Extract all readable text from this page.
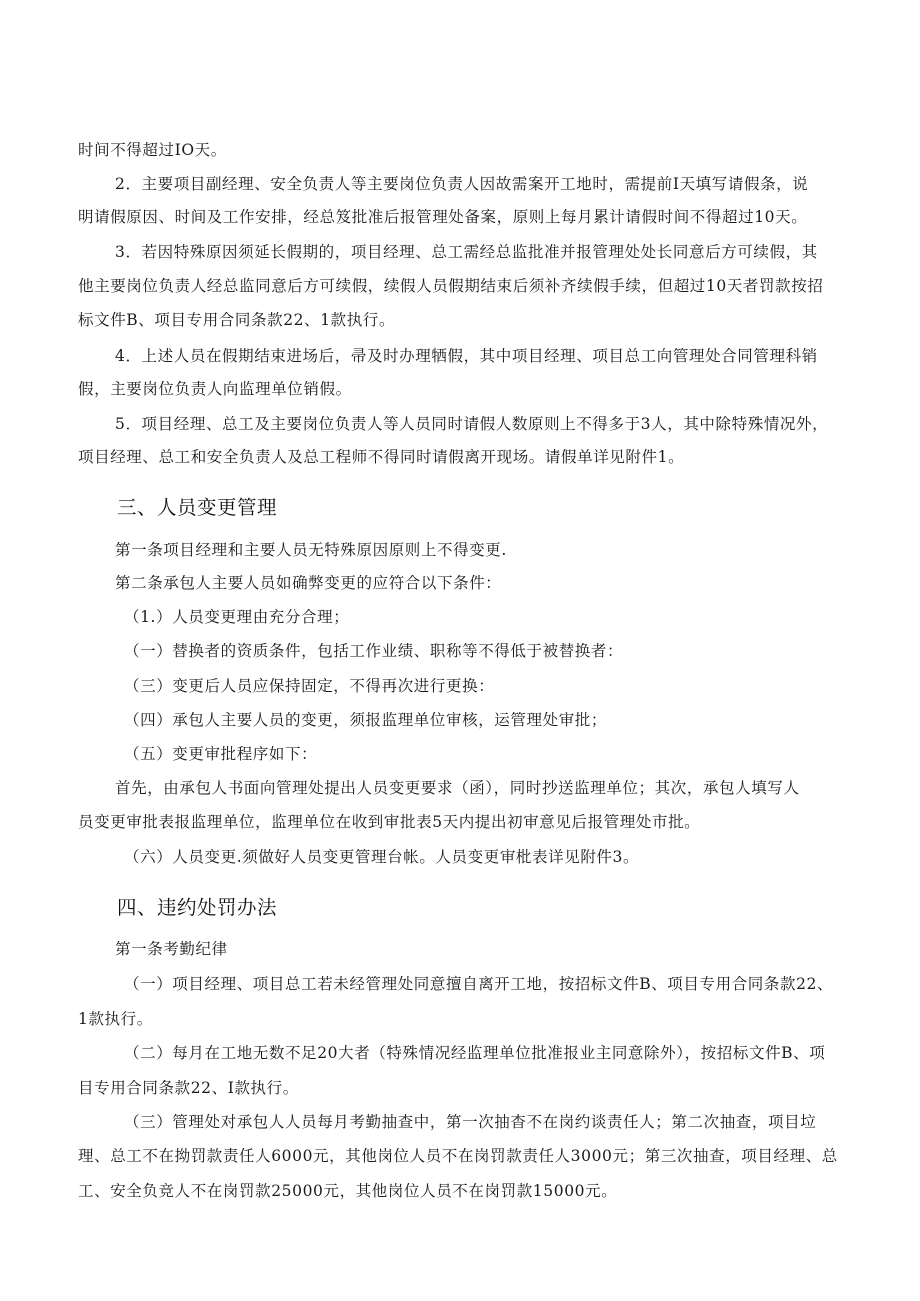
时间不得超过IO天。
2．主要项目副经理、安全负责人等主要岗位负责人因故需案开工地时，需提前I天填写请假条，说
明请假原因、时间及工作安排，经总笈批准后报管理处备案，原则上每月累计请假时间不得超过10天。
3．若因特殊原因须延长假期的，项目经理、总工需经总监批准并报管理处处长同意后方可续假，其
他主要岗位负责人经总监同意后方可续假，续假人员假期结束后须补齐续假手续，但超过10天者罚款按招
标文件B、项目专用合同条款22、1款执行。
4．上述人员在假期结束进场后，帚及时办理牺假，其中项目经理、项目总工向管理处合同管理科销
假，主要岗位负责人向监理单位销假。
5．项目经理、总工及主要岗位负责人等人员同时请假人数原则上不得多于3人，其中除特殊情况外，
项目经理、总工和安全负责人及总工程师不得同时请假离开现场。请假单详见附件1。
三、人员变更管理
第一条项目经理和主要人员无特殊原因原则上不得变更.
第二条承包人主要人员如确弊变更的应符合以下条件：
（1.）人员变更理由充分合理；
（一）替换者的资质条件，包括工作业绩、职称等不得低于被替换者：
（三）变更后人员应保持固定，不得再次进行更换：
（四）承包人主要人员的变更，须报监理单位审核，运管理处审批；
（五）变更审批程序如下：
首先，由承包人书面向管理处提出人员变更要求（函），同时抄送监理单位；其次，承包人填写人
员变更审批表报监理单位，监理单位在收到审批表5天内提出初审意见后报管理处市批。
（六）人员变更.须做好人员变更管理台帐。人员变更审枇表详见附件3。
四、违约处罚办法
第一条考勤纪律
（一）项目经理、项目总工若未经管理处同意擅自离开工地，按招标文件B、项目专用合同条款22、
1款执行。
（二）每月在工地无数不足20大者（特殊情况经监理单位批准报业主同意除外），按招标文件B、项
目专用合同条款22、I款执行。
（三）管理处对承包人人员每月考勤抽查中，第一次抽杳不在岗约谈责任人；第二次抽查，项目垃
理、总工不在拗罚款责任人6000元，其他岗位人员不在岗罚款责任人3000元；第三次抽查，项目经理、总
工、安全负竞人不在岗罚款25000元，其他岗位人员不在岗罚款15000元。
